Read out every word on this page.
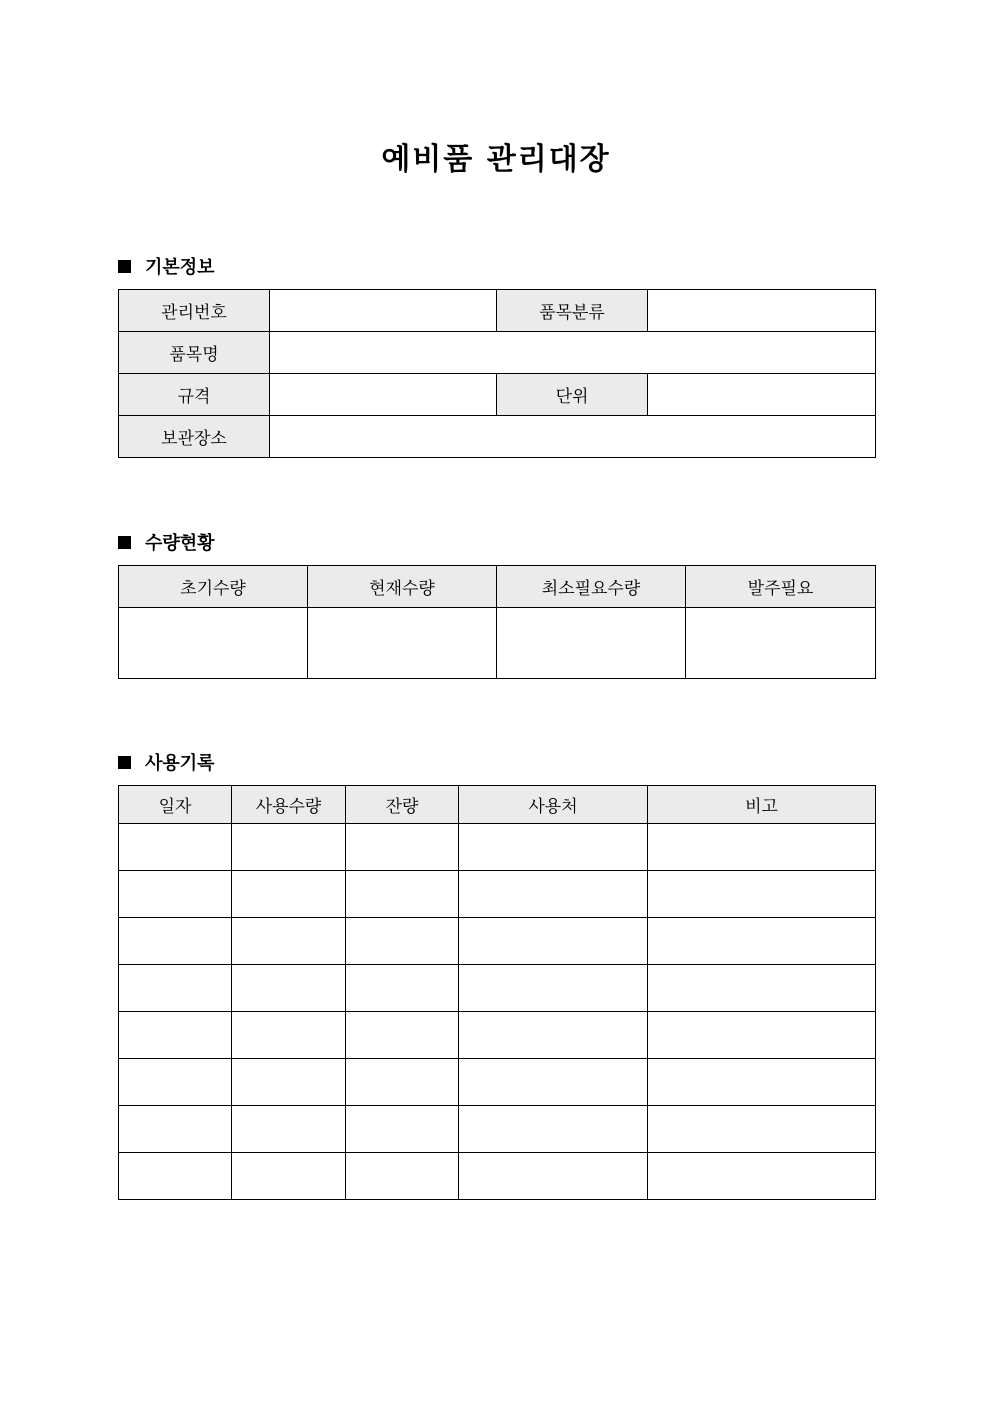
예비품 관리대장
기본정보
관리번호		품목분류	
품목명			
규격		단위	
보관장소			
수량현황
초기수량	현재수량	최소필요수량	발주필요

사용기록
일자	사용수량	잔량	사용처	비고
